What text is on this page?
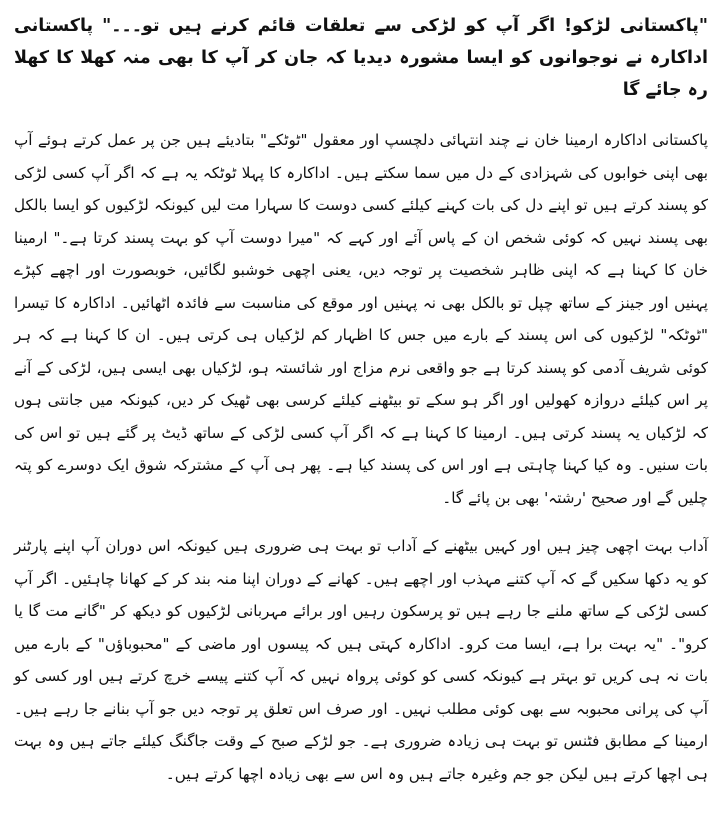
"پاکستانی لڑکو! اگر آپ کو لڑکی سے تعلقات قائم کرنے ہیں تو۔۔۔" پاکستانی اداکارہ نے نوجوانوں کو ایسا مشورہ دیدیا کہ جان کر آپ کا بھی منہ کھلا کا کھلا رہ جائے گا

پاکستانی اداکارہ ارمینا خان نے چند انتہائی دلچسپ اور معقول "ٹوٹکے" بتادیئے ہیں جن پر عمل کرتے ہوئے آپ بھی اپنی خوابوں کی شہزادی کے دل میں سما سکتے ہیں۔ اداکارہ کا پہلا ٹوٹکہ یہ ہے کہ اگر آپ کسی لڑکی کو پسند کرتے ہیں تو اپنے دل کی بات کہنے کیلئے کسی دوست کا سہارا مت لیں کیونکہ لڑکیوں کو ایسا بالکل بھی پسند نہیں کہ کوئی شخص ان کے پاس آئے اور کہے کہ "میرا دوست آپ کو بہت پسند کرتا ہے۔" ارمینا خان کا کہنا ہے کہ اپنی ظاہر شخصیت پر توجہ دیں، یعنی اچھی خوشبو لگائیں، خوبصورت اور اچھے کپڑے پہنیں اور جینز کے ساتھ چپل تو بالکل بھی نہ پہنیں اور موقع کی مناسبت سے فائدہ اٹھائیں۔ اداکارہ کا تیسرا "ٹوٹکہ" لڑکیوں کی اس پسند کے بارے میں جس کا اظہار کم لڑکیاں ہی کرتی ہیں۔ ان کا کہنا ہے کہ ہر کوئی شریف آدمی کو پسند کرتا ہے جو واقعی نرم مزاج اور شائستہ ہو، لڑکیاں بھی ایسی ہیں، لڑکی کے آنے پر اس کیلئے دروازہ کھولیں اور اگر ہو سکے تو بیٹھنے کیلئے کرسی بھی ٹھیک کر دیں، کیونکہ میں جانتی ہوں کہ لڑکیاں یہ پسند کرتی ہیں۔ ارمینا کا کہنا ہے کہ اگر آپ کسی لڑکی کے ساتھ ڈیٹ پر گئے ہیں تو اس کی بات سنیں۔ وہ کیا کہنا چاہتی ہے اور اس کی پسند کیا ہے۔ پھر ہی آپ کے مشترکہ شوق ایک دوسرے کو پتہ چلیں گے اور صحیح 'رشتہ' بھی بن پائے گا۔

آداب بہت اچھی چیز ہیں اور کہیں بیٹھنے کے آداب تو بہت ہی ضروری ہیں کیونکہ اس دوران آپ اپنے پارٹنر کو یہ دکھا سکیں گے کہ آپ کتنے مہذب اور اچھے ہیں۔ کھانے کے دوران اپنا منہ بند کر کے کھانا چاہئیں۔ اگر آپ کسی لڑکی کے ساتھ ملنے جا رہے ہیں تو پرسکون رہیں اور برائے مہربانی لڑکیوں کو دیکھ کر "گانے مت گا یا کرو"۔ "یہ بہت برا ہے، ایسا مت کرو۔ اداکارہ کہتی ہیں کہ پیسوں اور ماضی کے "محبوباؤں" کے بارے میں بات نہ ہی کریں تو بہتر ہے کیونکہ کسی کو کوئی پرواہ نہیں کہ آپ کتنے پیسے خرچ کرتے ہیں اور کسی کو آپ کی پرانی محبوبہ سے بھی کوئی مطلب نہیں۔ اور صرف اس تعلق پر توجہ دیں جو آپ بنانے جا رہے ہیں۔ ارمینا کے مطابق فٹنس تو بہت ہی زیادہ ضروری ہے۔ جو لڑکے صبح کے وقت جاگنگ کیلئے جاتے ہیں وہ بہت ہی اچھا کرتے ہیں لیکن جو جم وغیرہ جاتے ہیں وہ اس سے بھی زیادہ اچھا کرتے ہیں۔
